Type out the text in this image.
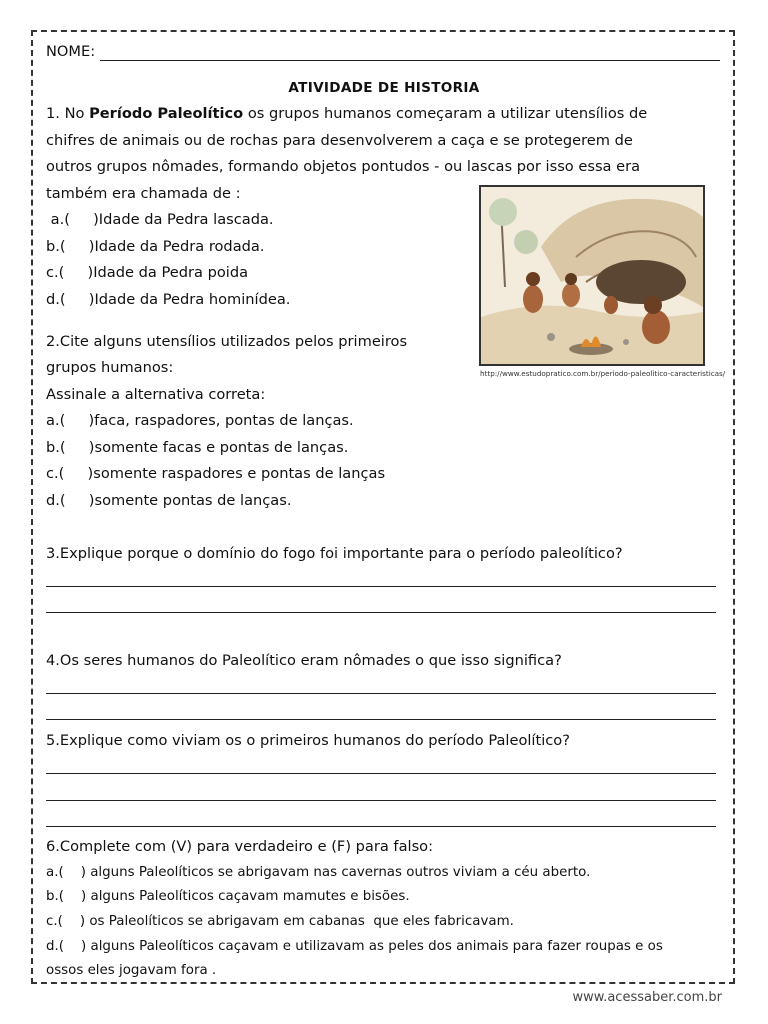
NOME:
ATIVIDADE DE HISTORIA
1. No Período Paleolítico os grupos humanos começaram a utilizar utensílios de
chifres de animais ou de rochas para desenvolverem a caça e se protegerem de
outros grupos nômades, formando objetos pontudos - ou lascas por isso essa era
também era chamada de :
a.(     )Idade da Pedra lascada.
b.(     )Idade da Pedra rodada.
c.(     )Idade da Pedra poida
d.(     )Idade da Pedra hominídea.
http://www.estudopratico.com.br/periodo-paleolitico-caracteristicas/
2.Cite alguns utensílios utilizados pelos primeiros
grupos humanos:
Assinale a alternativa correta:
a.(     )faca, raspadores, pontas de lanças.
b.(     )somente facas e pontas de lanças.
c.(     )somente raspadores e pontas de lanças
d.(     )somente pontas de lanças.
3.Explique porque o domínio do fogo foi importante para o período paleolítico?
4.Os seres humanos do Paleolítico eram nômades o que isso significa?
5.Explique como viviam os o primeiros humanos do período Paleolítico?
6.Complete com (V) para verdadeiro e (F) para falso:
a.(    ) alguns Paleolíticos se abrigavam nas cavernas outros viviam a céu aberto.
b.(    ) alguns Paleolíticos caçavam mamutes e bisões.
c.(    ) os Paleolíticos se abrigavam em cabanas  que eles fabricavam.
d.(    ) alguns Paleolíticos caçavam e utilizavam as peles dos animais para fazer roupas e os
ossos eles jogavam fora .
www.acessaber.com.br
